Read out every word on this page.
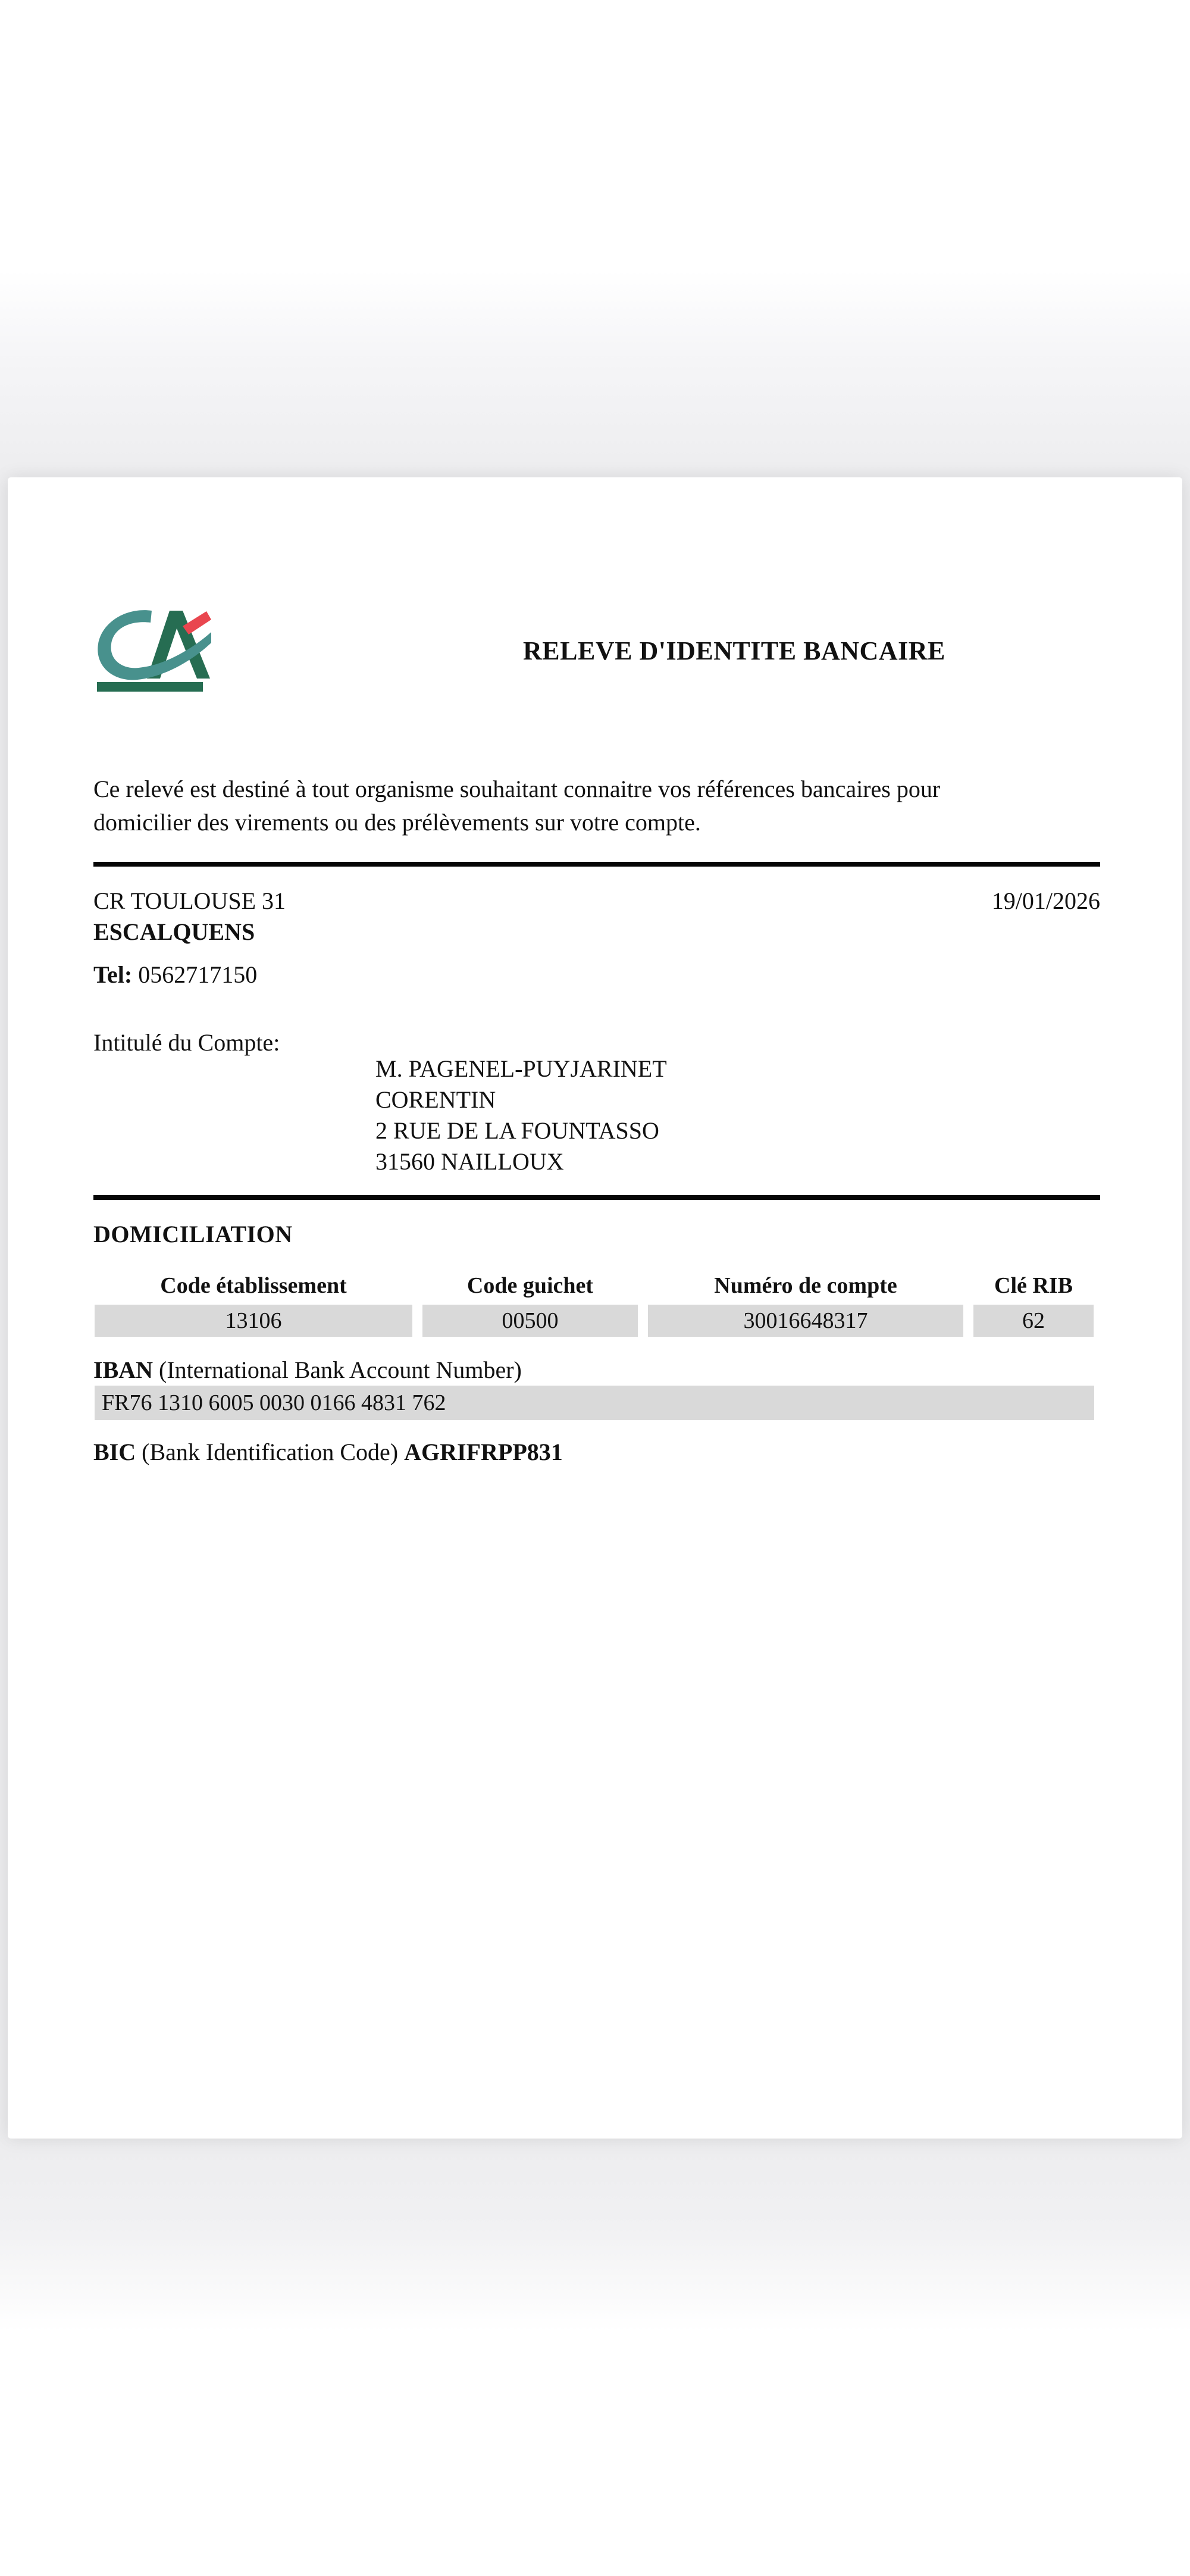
RELEVE D'IDENTITE BANCAIRE
Ce relevé est destiné à tout organisme souhaitant connaitre vos références bancaires pour
domicilier des virements ou des prélèvements sur votre compte.
CR TOULOUSE 31	19/01/2026
ESCALQUENS
Tel: 0562717150
Intitulé du Compte:
M. PAGENEL-PUYJARINET
CORENTIN
2 RUE DE LA FOUNTASSO
31560 NAILLOUX
DOMICILIATION
Code établissement	Code guichet	Numéro de compte	Clé RIB
13106	00500	30016648317	62
IBAN (International Bank Account Number)
FR76 1310 6005 0030 0166 4831 762
BIC (Bank Identification Code) AGRIFRPP831
